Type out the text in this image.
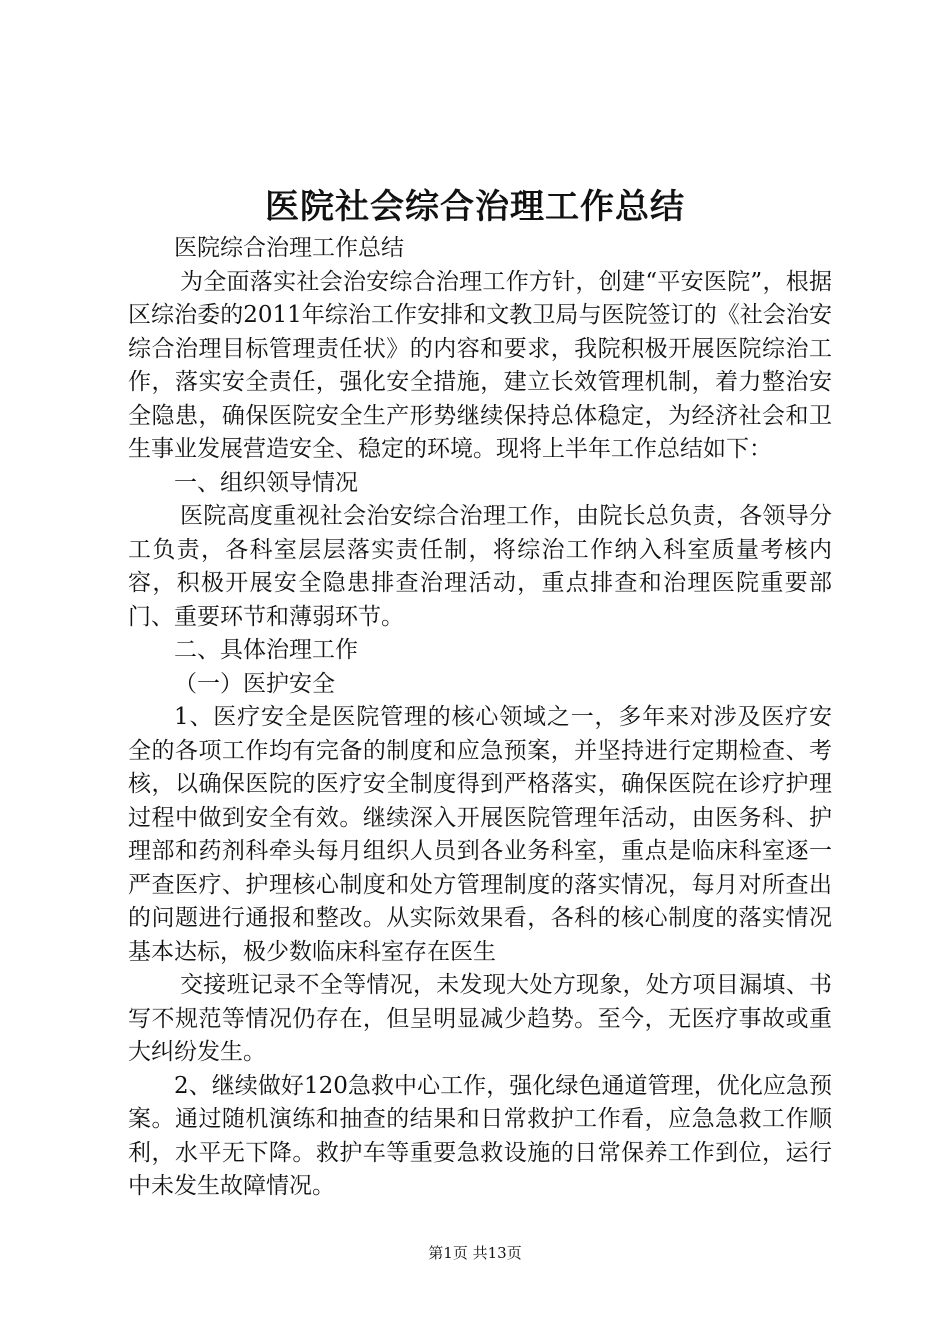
医院社会综合治理工作总结

医院综合治理工作总结

为全面落实社会治安综合治理工作方针，创建“平安医院”，根据区综治委的2011年综治工作安排和文教卫局与医院签订的《社会治安综合治理目标管理责任状》的内容和要求，我院积极开展医院综治工作，落实安全责任，强化安全措施，建立长效管理机制，着力整治安全隐患，确保医院安全生产形势继续保持总体稳定，为经济社会和卫生事业发展营造安全、稳定的环境。现将上半年工作总结如下：

一、组织领导情况

医院高度重视社会治安综合治理工作，由院长总负责，各领导分工负责，各科室层层落实责任制，将综治工作纳入科室质量考核内容，积极开展安全隐患排查治理活动，重点排查和治理医院重要部门、重要环节和薄弱环节。

二、具体治理工作

（一）医护安全

1、医疗安全是医院管理的核心领域之一，多年来对涉及医疗安全的各项工作均有完备的制度和应急预案，并坚持进行定期检查、考核，以确保医院的医疗安全制度得到严格落实，确保医院在诊疗护理过程中做到安全有效。继续深入开展医院管理年活动，由医务科、护理部和药剂科牵头每月组织人员到各业务科室，重点是临床科室逐一严查医疗、护理核心制度和处方管理制度的落实情况，每月对所查出的问题进行通报和整改。从实际效果看，各科的核心制度的落实情况基本达标，极少数临床科室存在医生

交接班记录不全等情况，未发现大处方现象，处方项目漏填、书写不规范等情况仍存在，但呈明显减少趋势。至今，无医疗事故或重大纠纷发生。

2、继续做好120急救中心工作，强化绿色通道管理，优化应急预案。通过随机演练和抽查的结果和日常救护工作看，应急急救工作顺利，水平无下降。救护车等重要急救设施的日常保养工作到位，运行中未发生故障情况。

第1页 共13页
